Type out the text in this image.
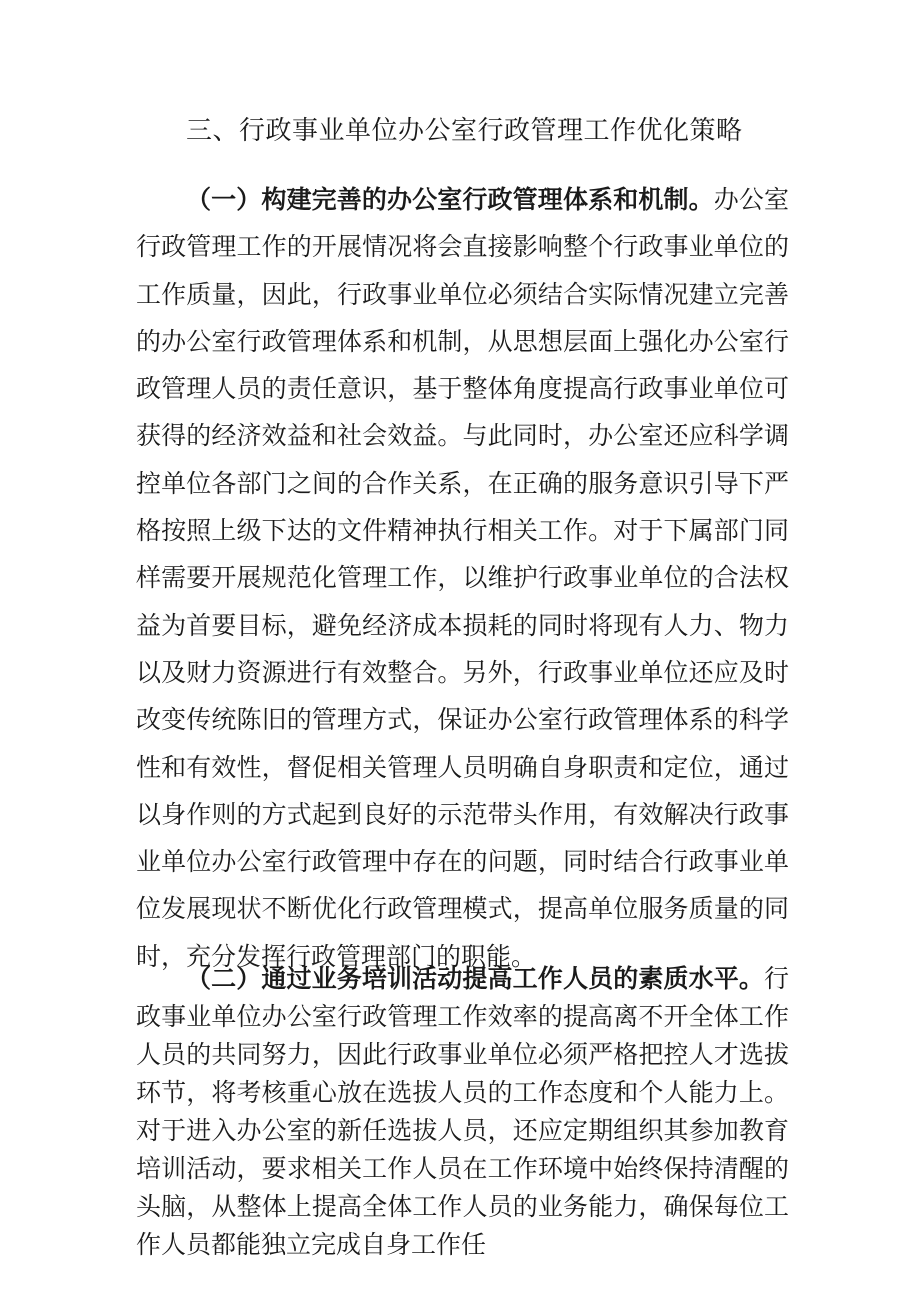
三、行政事业单位办公室行政管理工作优化策略

（一）构建完善的办公室行政管理体系和机制。办公室行政管理工作的开展情况将会直接影响整个行政事业单位的工作质量，因此，行政事业单位必须结合实际情况建立完善的办公室行政管理体系和机制，从思想层面上强化办公室行政管理人员的责任意识，基于整体角度提高行政事业单位可获得的经济效益和社会效益。与此同时，办公室还应科学调控单位各部门之间的合作关系，在正确的服务意识引导下严格按照上级下达的文件精神执行相关工作。对于下属部门同样需要开展规范化管理工作，以维护行政事业单位的合法权益为首要目标，避免经济成本损耗的同时将现有人力、物力以及财力资源进行有效整合。另外，行政事业单位还应及时改变传统陈旧的管理方式，保证办公室行政管理体系的科学性和有效性，督促相关管理人员明确自身职责和定位，通过以身作则的方式起到良好的示范带头作用，有效解决行政事业单位办公室行政管理中存在的问题，同时结合行政事业单位发展现状不断优化行政管理模式，提高单位服务质量的同时，充分发挥行政管理部门的职能。

（二）通过业务培训活动提高工作人员的素质水平。行政事业单位办公室行政管理工作效率的提高离不开全体工作人员的共同努力，因此行政事业单位必须严格把控人才选拔环节，将考核重心放在选拔人员的工作态度和个人能力上。对于进入办公室的新任选拔人员，还应定期组织其参加教育培训活动，要求相关工作人员在工作环境中始终保持清醒的头脑，从整体上提高全体工作人员的业务能力，确保每位工作人员都能独立完成自身工作任
